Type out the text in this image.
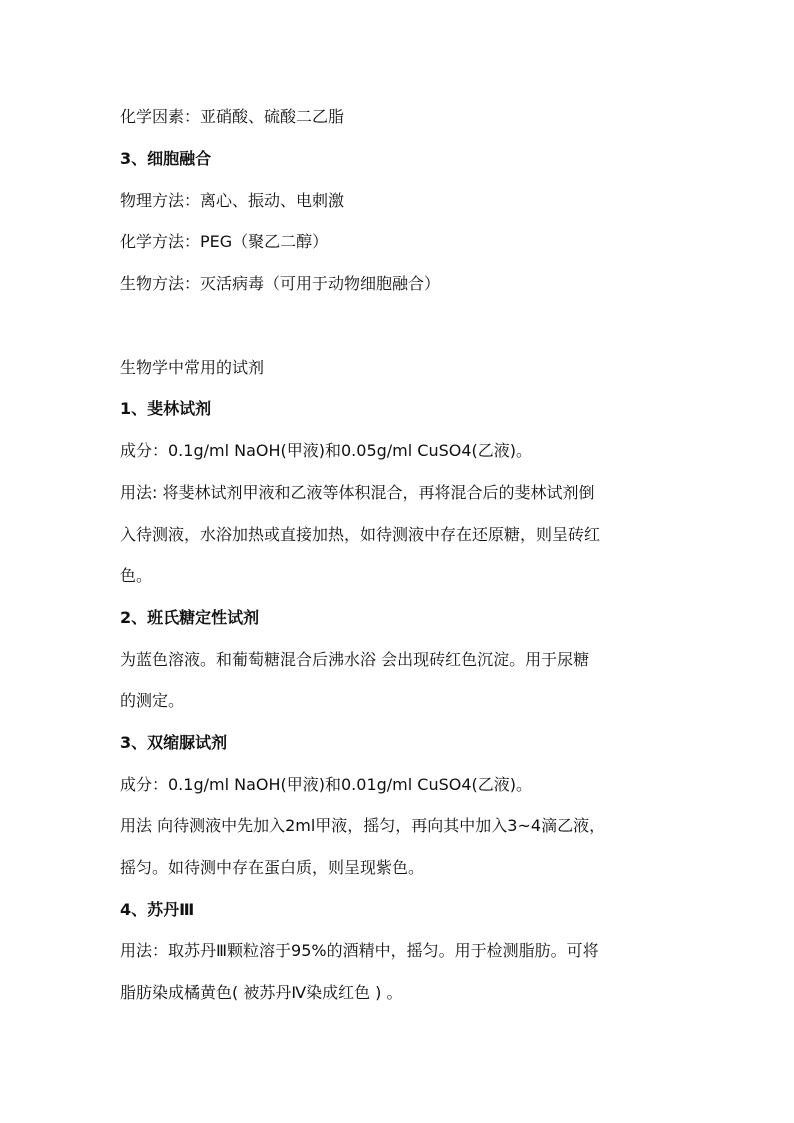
化学因素：亚硝酸、硫酸二乙脂
3、细胞融合
物理方法：离心、振动、电刺激
化学方法：PEG（聚乙二醇）
生物方法：灭活病毒（可用于动物细胞融合）
生物学中常用的试剂
1、斐林试剂
成分：0.1g/ml NaOH(甲液)和0.05g/ml CuSO4(乙液)。
用法: 将斐林试剂甲液和乙液等体积混合，再将混合后的斐林试剂倒
入待测液，水浴加热或直接加热，如待测液中存在还原糖，则呈砖红
色。
2、班氏糖定性试剂
为蓝色溶液。和葡萄糖混合后沸水浴 会出现砖红色沉淀。用于尿糖
的测定。
3、双缩脲试剂
成分：0.1g/ml NaOH(甲液)和0.01g/ml CuSO4(乙液)。
用法 向待测液中先加入2ml甲液，摇匀，再向其中加入3~4滴乙液，
摇匀。如待测中存在蛋白质，则呈现紫色。
4、苏丹Ⅲ
用法：取苏丹Ⅲ颗粒溶于95%的酒精中，摇匀。用于检测脂肪。可将
脂肪染成橘黄色( 被苏丹Ⅳ染成红色 ) 。
